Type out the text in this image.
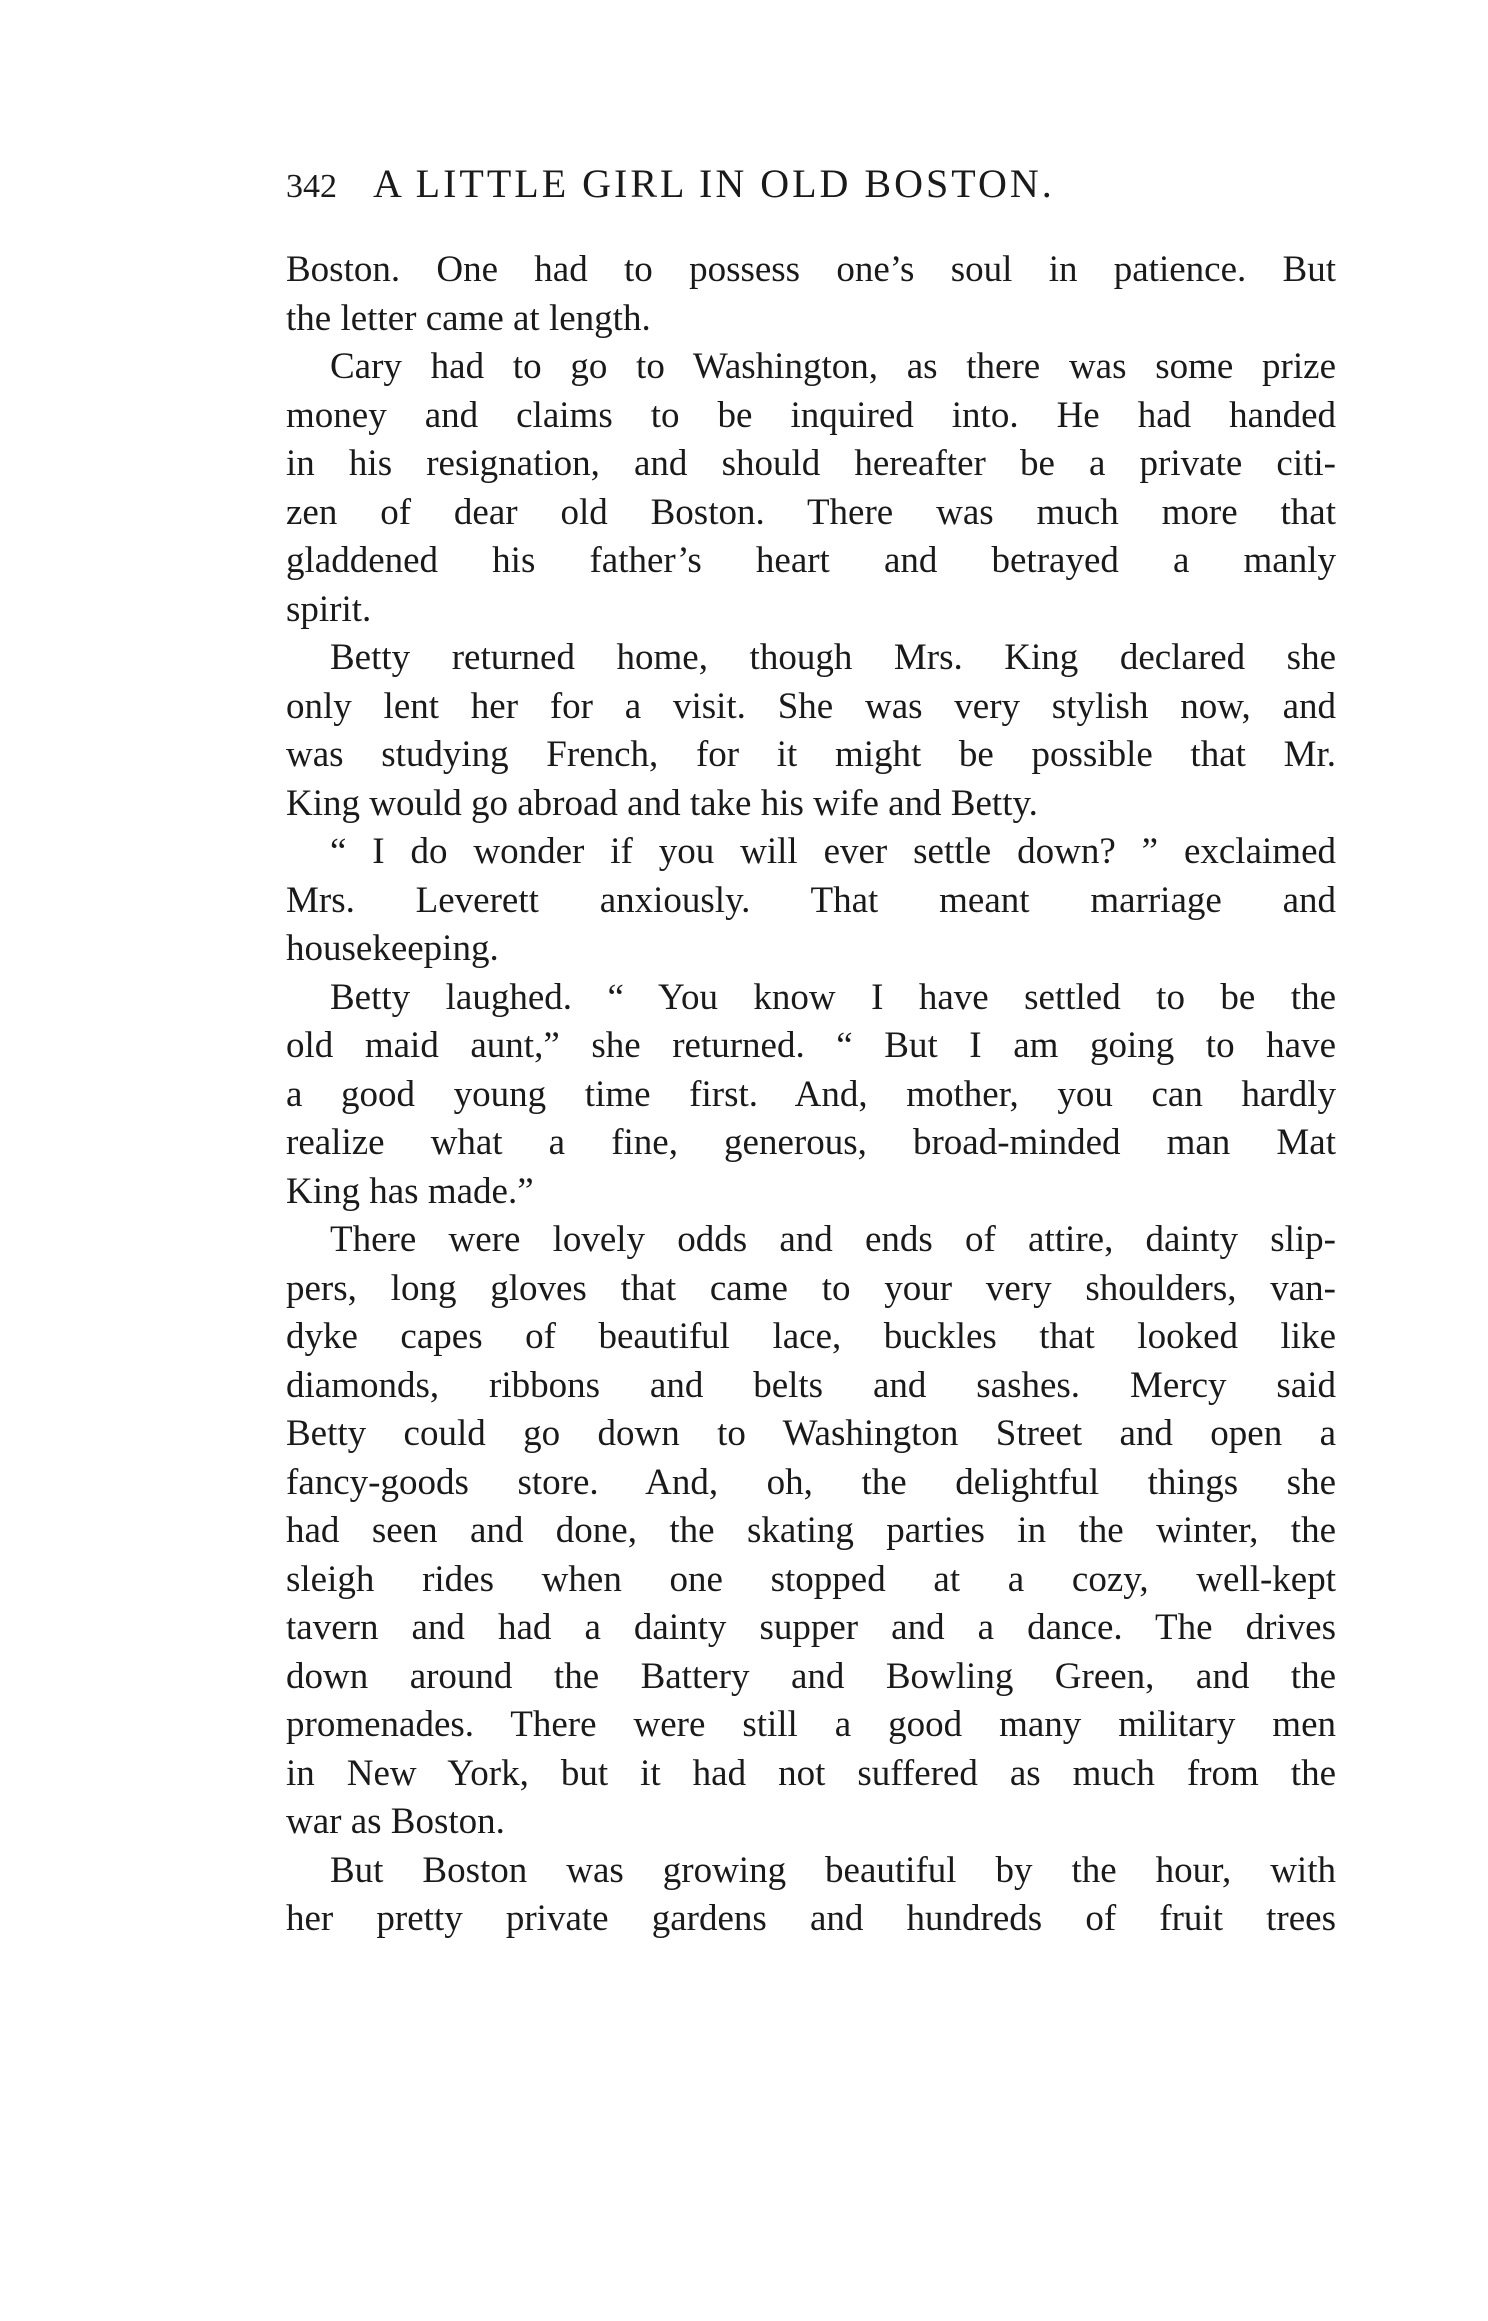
342 A LITTLE GIRL IN OLD BOSTON.
Boston. One had to possess one’s soul in patience. But
the letter came at length.
Cary had to go to Washington, as there was some prize
money and claims to be inquired into. He had handed
in his resignation, and should hereafter be a private citi-
zen of dear old Boston. There was much more that
gladdened his father’s heart and betrayed a manly
spirit.
Betty returned home, though Mrs. King declared she
only lent her for a visit. She was very stylish now, and
was studying French, for it might be possible that Mr.
King would go abroad and take his wife and Betty.
“ I do wonder if you will ever settle down? ” exclaimed
Mrs. Leverett anxiously. That meant marriage and
housekeeping.
Betty laughed. “ You know I have settled to be the
old maid aunt,” she returned. “ But I am going to have
a good young time first. And, mother, you can hardly
realize what a fine, generous, broad-minded man Mat
King has made.”
There were lovely odds and ends of attire, dainty slip-
pers, long gloves that came to your very shoulders, van-
dyke capes of beautiful lace, buckles that looked like
diamonds, ribbons and belts and sashes. Mercy said
Betty could go down to Washington Street and open a
fancy-goods store. And, oh, the delightful things she
had seen and done, the skating parties in the winter, the
sleigh rides when one stopped at a cozy, well-kept
tavern and had a dainty supper and a dance. The drives
down around the Battery and Bowling Green, and the
promenades. There were still a good many military men
in New York, but it had not suffered as much from the
war as Boston.
But Boston was growing beautiful by the hour, with
her pretty private gardens and hundreds of fruit trees
